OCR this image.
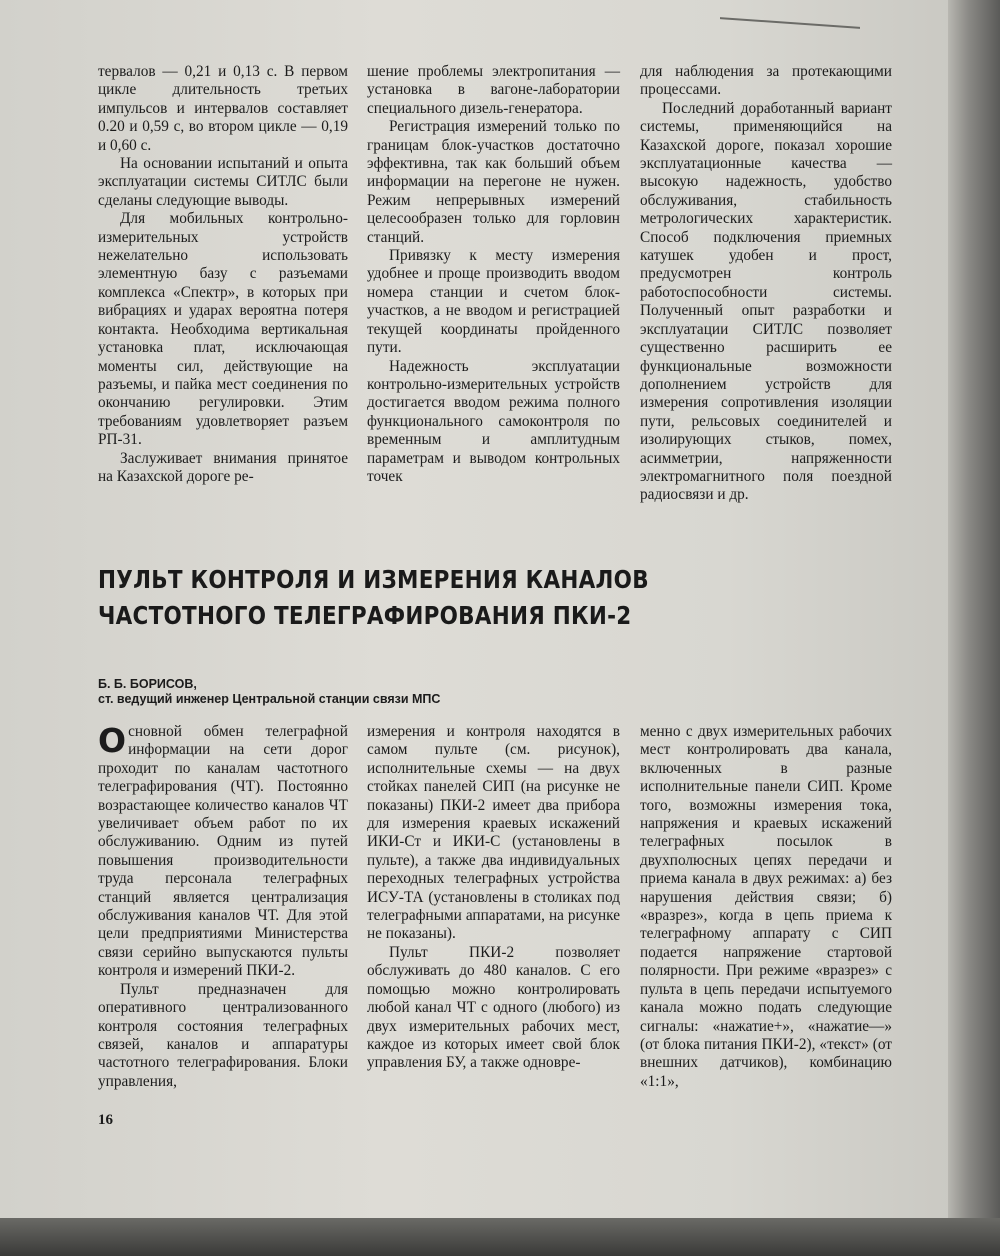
тервалов — 0,21 и 0,13 с. В первом цикле длительность третьих импульсов и интервалов составляет 0.20 и 0,59 с, во втором цикле — 0,19 и 0,60 с.

На основании испытаний и опыта эксплуатации системы СИТЛС были сделаны следующие выводы.

Для мобильных контрольно-измерительных устройств нежелательно использовать элементную базу с разъемами комплекса «Спектр», в которых при вибрациях и ударах вероятна потеря контакта. Необходима вертикальная установка плат, исключающая моменты сил, действующие на разъемы, и пайка мест соединения по окончанию регулировки. Этим требованиям удовлетворяет разъем РП-31.

Заслуживает внимания принятое на Казахской дороге ре-

шение проблемы электропитания — установка в вагоне-лаборатории специального дизель-генератора.

Регистрация измерений только по границам блок-участков достаточно эффективна, так как больший объем информации на перегоне не нужен. Режим непрерывных измерений целесообразен только для горловин станций.

Привязку к месту измерения удобнее и проще производить вводом номера станции и счетом блок-участков, а не вводом и регистрацией текущей координаты пройденного пути.

Надежность эксплуатации контрольно-измерительных устройств достигается вводом режима полного функционального самоконтроля по временным и амплитудным параметрам и выводом контрольных точек

для наблюдения за протекающими процессами.

Последний доработанный вариант системы, применяющийся на Казахской дороге, показал хорошие эксплуатационные качества — высокую надежность, удобство обслуживания, стабильность метрологических характеристик. Способ подключения приемных катушек удобен и прост, предусмотрен контроль работоспособности системы. Полученный опыт разработки и эксплуатации СИТЛС позволяет существенно расширить ее функциональные возможности дополнением устройств для измерения сопротивления изоляции пути, рельсовых соединителей и изолирующих стыков, помех, асимметрии, напряженности электромагнитного поля поездной радиосвязи и др.

ПУЛЬТ КОНТРОЛЯ И ИЗМЕРЕНИЯ КАНАЛОВ
ЧАСТОТНОГО ТЕЛЕГРАФИРОВАНИЯ ПКИ-2
Б. Б. БОРИСОВ,
ст. ведущий инженер Центральной станции связи МПС

Основной обмен телеграфной информации на сети дорог проходит по каналам частотного телеграфирования (ЧТ). Постоянно возрастающее количество каналов ЧТ увеличивает объем работ по их обслуживанию. Одним из путей повышения производительности труда персонала телеграфных станций является централизация обслуживания каналов ЧТ. Для этой цели предприятиями Министерства связи серийно выпускаются пульты контроля и измерений ПКИ-2.

Пульт предназначен для оперативного централизованного контроля состояния телеграфных связей, каналов и аппаратуры частотного телеграфирования. Блоки управления,

измерения и контроля находятся в самом пульте (см. рисунок), исполнительные схемы — на двух стойках панелей СИП (на рисунке не показаны) ПКИ-2 имеет два прибора для измерения краевых искажений ИКИ-Ст и ИКИ-С (установлены в пульте), а также два индивидуальных переходных телеграфных устройства ИСУ-ТА (установлены в столиках под телеграфными аппаратами, на рисунке не показаны).

Пульт ПКИ-2 позволяет обслуживать до 480 каналов. С его помощью можно контролировать любой канал ЧТ с одного (любого) из двух измерительных рабочих мест, каждое из которых имеет свой блок управления БУ, а также одновре-

менно с двух измерительных рабочих мест контролировать два канала, включенных в разные исполнительные панели СИП. Кроме того, возможны измерения тока, напряжения и краевых искажений телеграфных посылок в двухполюсных цепях передачи и приема канала в двух режимах: а) без нарушения действия связи; б) «вразрез», когда в цепь приема к телеграфному аппарату с СИП подается напряжение стартовой полярности. При режиме «вразрез» с пульта в цепь передачи испытуемого канала можно подать следующие сигналы: «нажатие+», «нажатие—» (от блока питания ПКИ-2), «текст» (от внешних датчиков), комбинацию «1:1»,

16
